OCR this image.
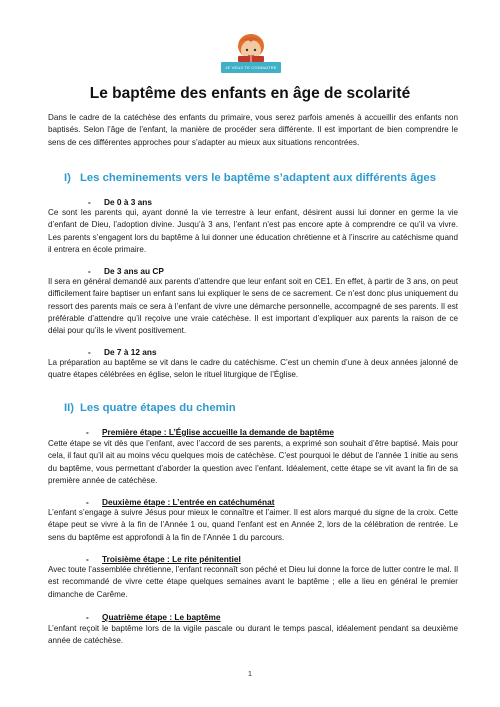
JE VEUX TE CONNAITRE
Le baptême des enfants en âge de scolarité

Dans le cadre de la catéchèse des enfants du primaire, vous serez parfois amenés à accueillir des enfants non baptisés. Selon l’âge de l’enfant, la manière de procéder sera différente. Il est important de bien comprendre le sens de ces différentes approches pour s’adapter au mieux aux situations rencontrées.

I) Les cheminements vers le baptême s’adaptent aux différents âges
- De 0 à 3 ans

Ce sont les parents qui, ayant donné la vie terrestre à leur enfant, désirent aussi lui donner en germe la vie d’enfant de Dieu, l’adoption divine. Jusqu’à 3 ans, l’enfant n’est pas encore apte à comprendre ce qu’il va vivre. Les parents s’engagent lors du baptême à lui donner une éducation chrétienne et à l’inscrire au catéchisme quand il entrera en école primaire.

- De 3 ans au CP

Il sera en général demandé aux parents d’attendre que leur enfant soit en CE1. En effet, à partir de 3 ans, on peut difficilement faire baptiser un enfant sans lui expliquer le sens de ce sacrement. Ce n’est donc plus uniquement du ressort des parents mais ce sera à l’enfant de vivre une démarche personnelle, accompagné de ses parents. Il est préférable d’attendre qu’il reçoive une vraie catéchèse. Il est important d’expliquer aux parents la raison de ce délai pour qu’ils le vivent positivement.

- De 7 à 12 ans

La préparation au baptême se vit dans le cadre du catéchisme. C’est un chemin d’une à deux années jalonné de quatre étapes célébrées en église, selon le rituel liturgique de l’Église.

II) Les quatre étapes du chemin
- Première étape : L’Église accueille la demande de baptême

Cette étape se vit dès que l’enfant, avec l’accord de ses parents, a exprimé son souhait d’être baptisé. Mais pour cela, il faut qu’il ait au moins vécu quelques mois de catéchèse. C’est pourquoi le début de l’année 1 initie au sens du baptême, vous permettant d’aborder la question avec l’enfant. Idéalement, cette étape se vit avant la fin de sa première année de catéchèse.

- Deuxième étape : L’entrée en catéchuménat

L’enfant s’engage à suivre Jésus pour mieux le connaître et l’aimer. Il est alors marqué du signe de la croix. Cette étape peut se vivre à la fin de l’Année 1 ou, quand l’enfant est en Année 2, lors de la célébration de rentrée. Le sens du baptême est approfondi à la fin de l’Année 1 du parcours.

- Troisième étape : Le rite pénitentiel

Avec toute l’assemblée chrétienne, l’enfant reconnaît son péché et Dieu lui donne la force de lutter contre le mal. Il est recommandé de vivre cette étape quelques semaines avant le baptême ; elle a lieu en général le premier dimanche de Carême.

- Quatrième étape : Le baptême

L’enfant reçoit le baptême lors de la vigile pascale ou durant le temps pascal, idéalement pendant sa deuxième année de catéchèse.

1
